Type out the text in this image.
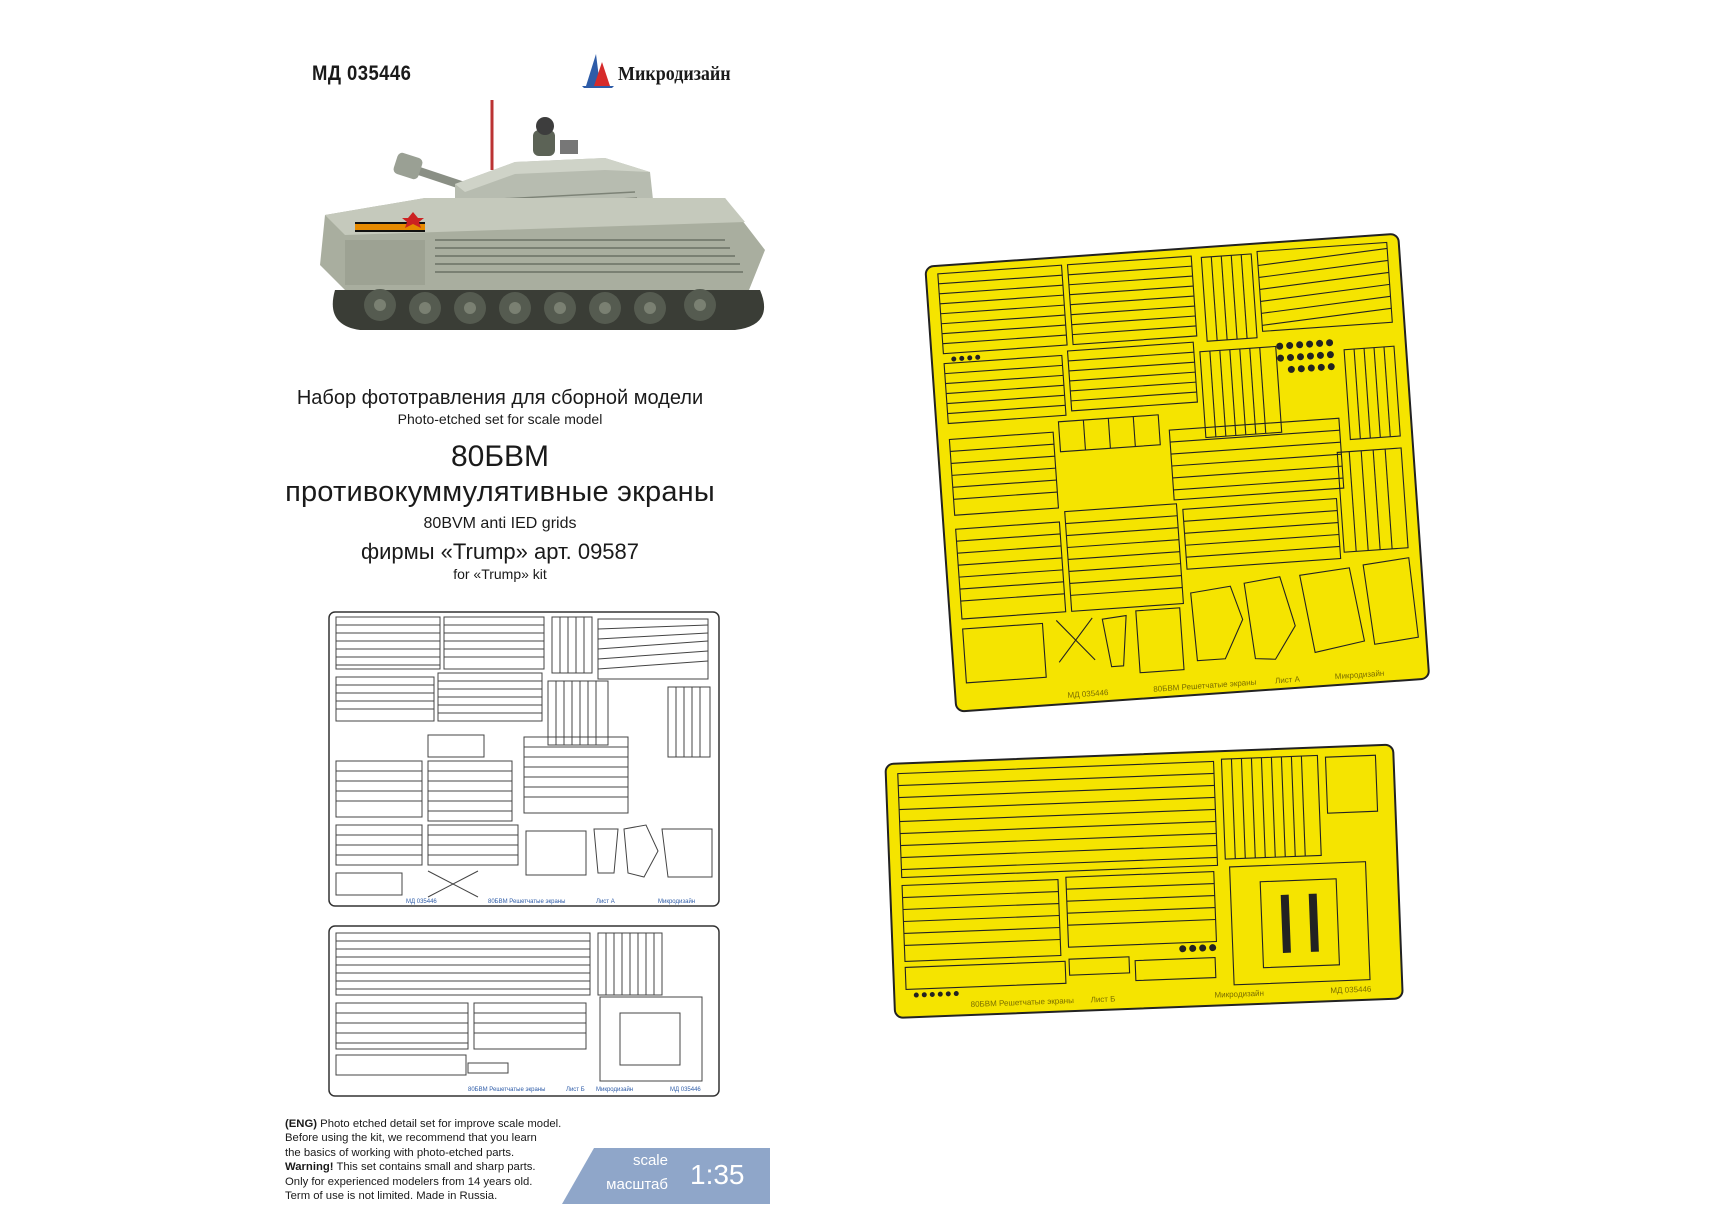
МД 035446	Микродизайн
Набор фототравления для сборной модели
Photo-etched set for scale model
80БВМ
противокуммулятивные экраны
80BVM anti IED grids
фирмы «Trump» арт. 09587
for «Trump» kit
МД 035446	80БВМ Решетчатые экраны	Лист А	Микродизайн
80БВМ Решетчатые экраны	Лист Б Микродизайн	МД 035446
МД 035446
80БВМ Решетчатые экраны Лист А	Микродизайн
80БВМ Решетчатые экраны Лист Б	Микродизайн	МД 035446
(ENG) Photo etched detail set for improve scale model.
Before using the kit, we recommend that you learn
the basics of working with photo-etched parts.
Warning! This set contains small and sharp parts.
Only for experienced modelers from 14 years old.
Term of use is not limited. Made in Russia.
scale
масштаб 1:35
